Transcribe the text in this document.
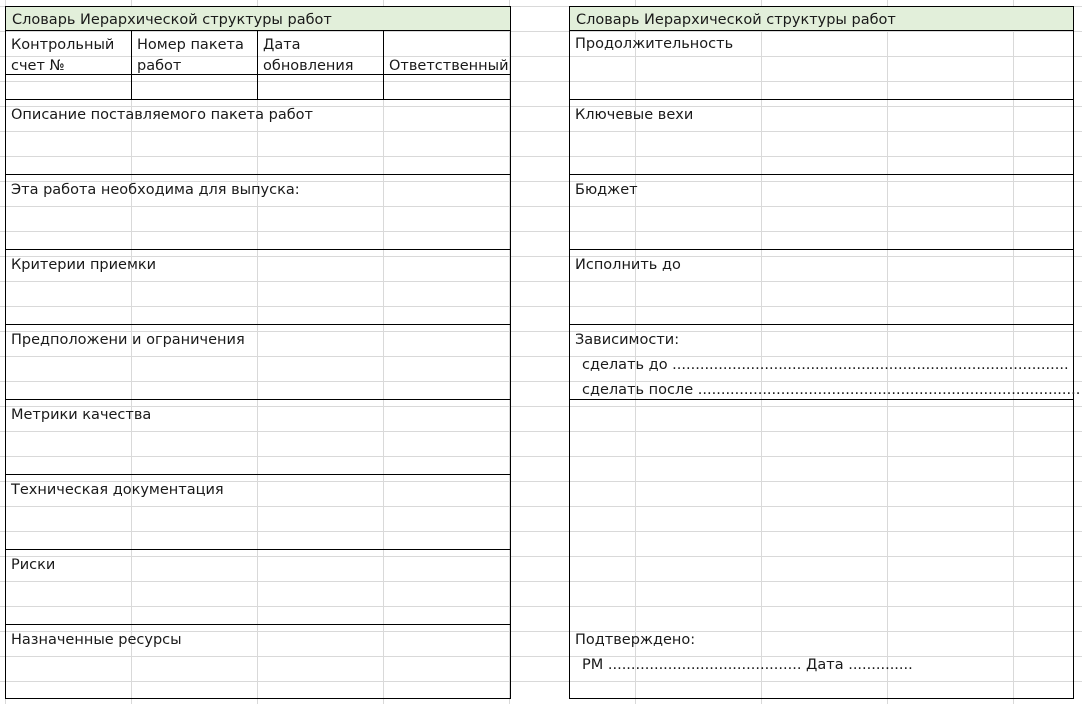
Словарь Иерархической структуры работ
Контрольный
счет №
Номер пакета
работ
Дата
обновления Ответственный
Описание поставляемого пакета работ
Эта работа необходима для выпуска:
Критерии приемки
Предположени и ограничения
Метрики качества
Техническая документация
Риски
Назначенные ресурсы
Словарь Иерархической структуры работ
Продолжительность
Ключевые вехи
Бюджет
Исполнить до
Зависимости:
сделать до ......................................................................................
сделать после ...................................................................................
Подтверждено:
PM .......................................... Дата ..............
